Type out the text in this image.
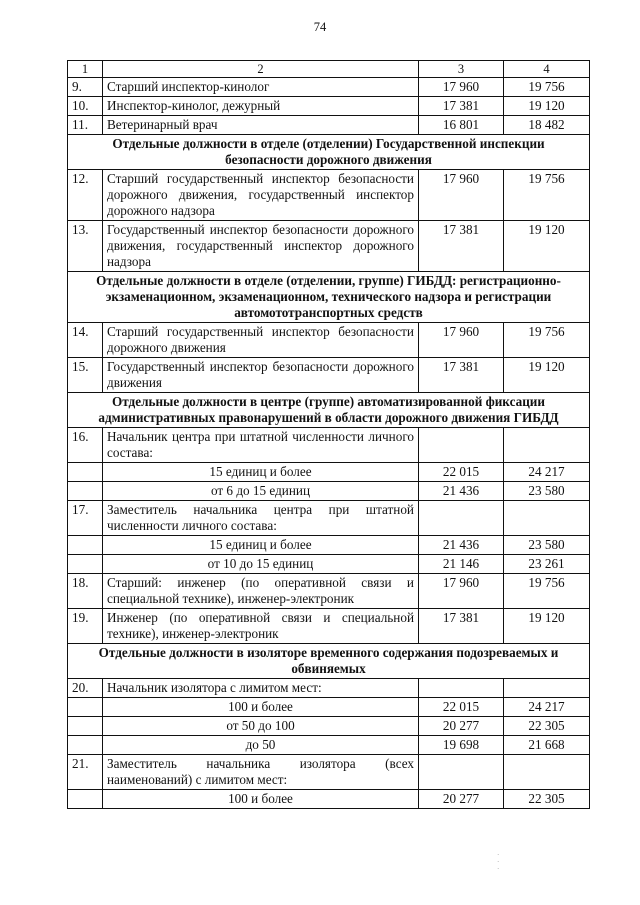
74
1	2	3	4
9.	Старший инспектор-кинолог	17 960	19 756
10.	Инспектор-кинолог, дежурный	17 381	19 120
11.	Ветеринарный врач	16 801	18 482
Отдельные должности в отделе (отделении) Государственной инспекции безопасности дорожного движения			
12.	Старший государственный инспектор безопасности дорожного движения, государственный инспектор дорожного надзора	17 960	19 756
13.	Государственный инспектор безопасности дорожного движения, государственный инспектор дорожного надзора	17 381	19 120
Отдельные должности в отделе (отделении, группе) ГИБДД: регистрационно-экзаменационном, экзаменационном, технического надзора и регистрации автомототранспортных средств			
14.	Старший государственный инспектор безопасности дорожного движения	17 960	19 756
15.	Государственный инспектор безопасности дорожного движения	17 381	19 120
Отдельные должности в центре (группе) автоматизированной фиксации административных правонарушений в области дорожного движения ГИБДД			
16.	Начальник центра при штатной численности личного состава:		
	15 единиц и более	22 015	24 217
	от 6 до 15 единиц	21 436	23 580
17.	Заместитель начальника центра при штатной численности личного состава:		
	15 единиц и более	21 436	23 580
	от 10 до 15 единиц	21 146	23 261
18.	Старший: инженер (по оперативной связи и специальной технике), инженер-электроник	17 960	19 756
19.	Инженер (по оперативной связи и специальной технике), инженер-электроник	17 381	19 120
Отдельные должности в изоляторе временного содержания подозреваемых и обвиняемых			
20.	Начальник изолятора с лимитом мест:		
	100 и более	22 015	24 217
	от 50 до 100	20 277	22 305
	до 50	19 698	21 668
21.	Заместитель начальника изолятора (всех наименований) с лимитом мест:		
	100 и более	20 277	22 305
·
·
·
